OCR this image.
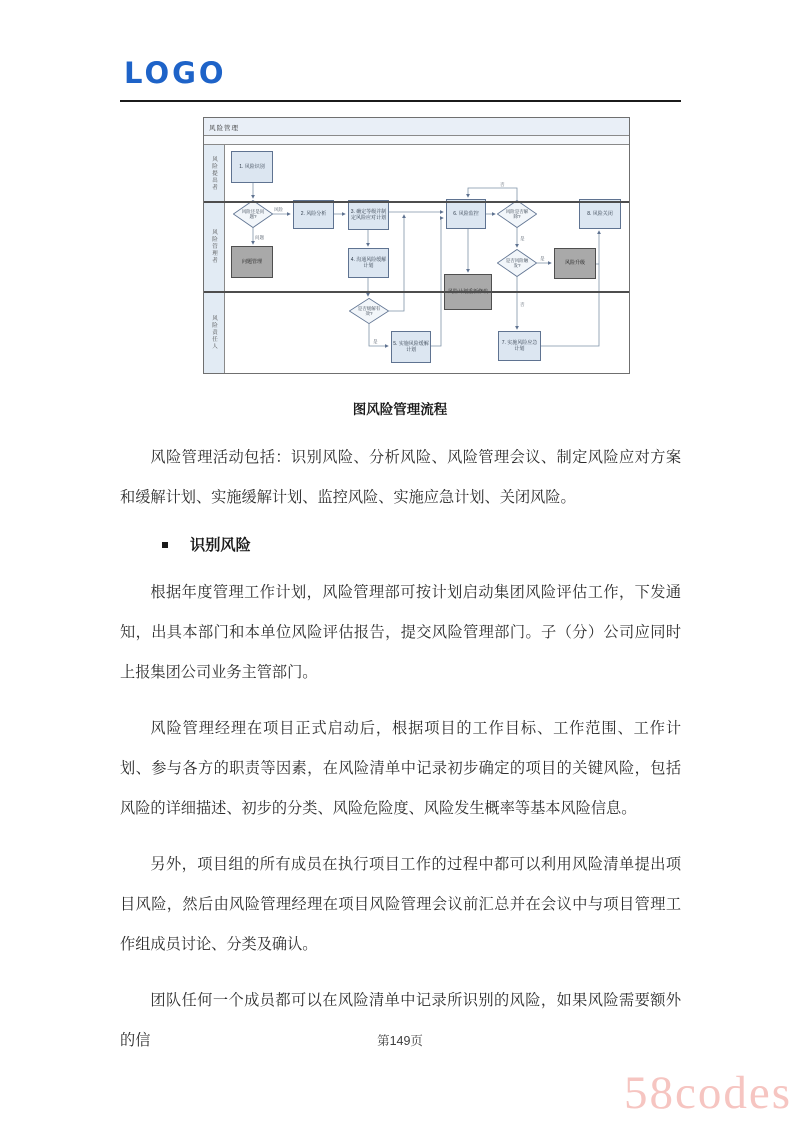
LOGO
风险管理
风险提出者
风险管理者
风险责任人
风险
问题
否
是
是
否
是
1. 风险识别
2. 风险分析	3. 确定等级并制定风险应对计划
4. 沟通风险缓解计划
6. 风险监控	8. 风险关闭
5. 实施风险缓解计划
7. 实施风险应急计划
问题管理	风险升级
风险还是问题?
风险是否解除?
是否风险触发?
是否缓解有效?
图风险管理流程

风险管理活动包括：识别风险、分析风险、风险管理会议、制定风险应对方案和缓解计划、实施缓解计划、监控风险、实施应急计划、关闭风险。

识别风险

根据年度管理工作计划，风险管理部可按计划启动集团风险评估工作，下发通知，出具本部门和本单位风险评估报告，提交风险管理部门。子（分）公司应同时上报集团公司业务主管部门。

风险管理经理在项目正式启动后，根据项目的工作目标、工作范围、工作计划、参与各方的职责等因素，在风险清单中记录初步确定的项目的关键风险，包括风险的详细描述、初步的分类、风险危险度、风险发生概率等基本风险信息。

另外，项目组的所有成员在执行项目工作的过程中都可以利用风险清单提出项目风险，然后由风险管理经理在项目风险管理会议前汇总并在会议中与项目管理工作组成员讨论、分类及确认。

团队任何一个成员都可以在风险清单中记录所识别的风险，如果风险需要额外的信	第149页
58codes
